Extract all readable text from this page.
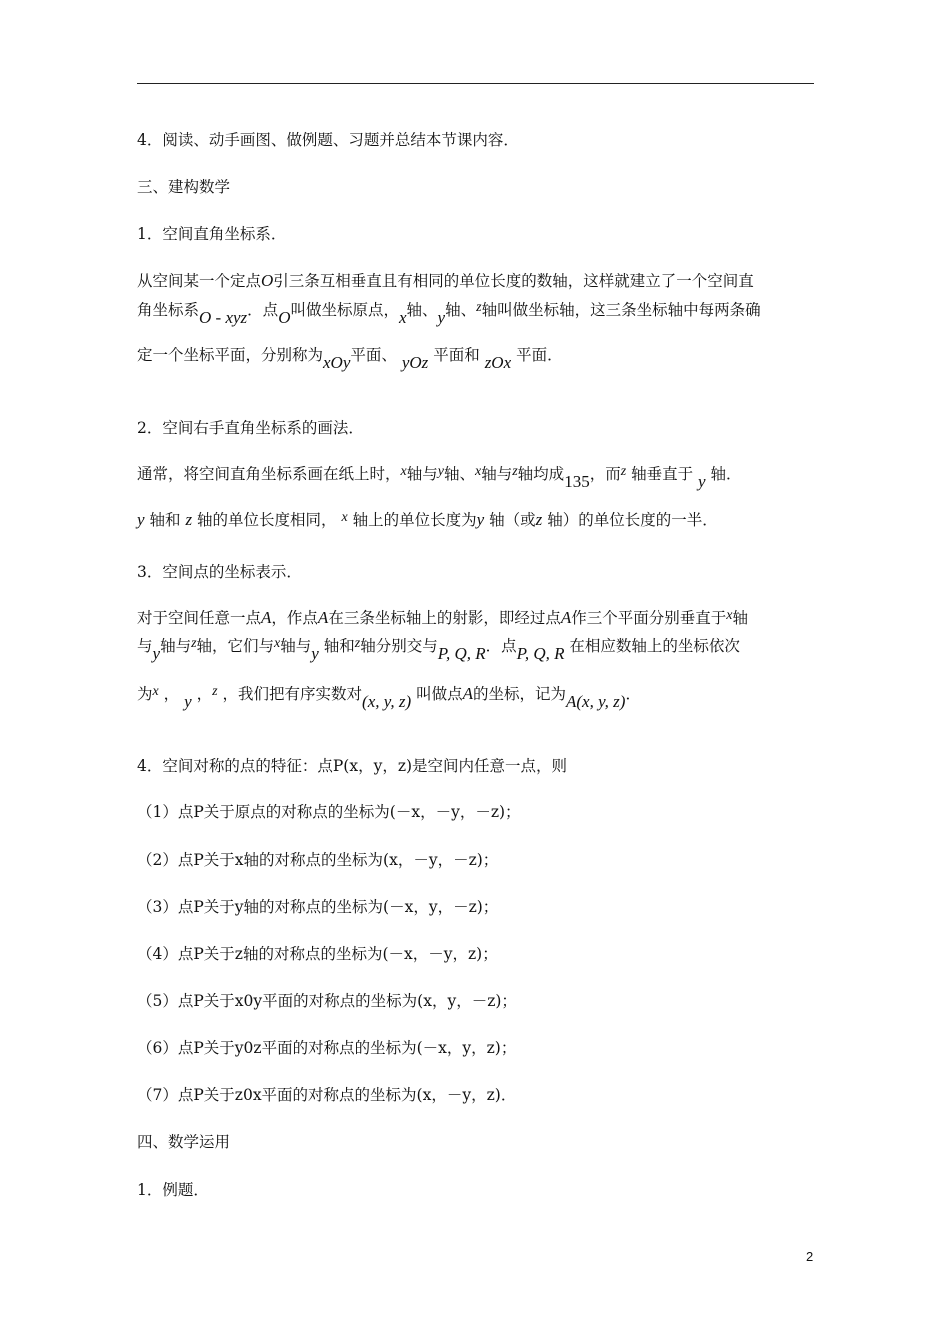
4．阅读、动手画图、做例题、习题并总结本节课内容．
三、建构数学
1．空间直角坐标系．
从空间某一个定点O引三条互相垂直且有相同的单位长度的数轴，这样就建立了一个空间直
角坐标系O - xyz．点O叫做坐标原点，x轴、y轴、z轴叫做坐标轴，这三条坐标轴中每两条确
定一个坐标平面，分别称为xOy平面、 yOz 平面和 zOx 平面．
2．空间右手直角坐标系的画法．
通常，将空间直角坐标系画在纸上时，x轴与y轴、x轴与z轴均成135，而z 轴垂直于 y 轴．
y 轴和 z 轴的单位长度相同， x 轴上的单位长度为y 轴（或z 轴）的单位长度的一半．
3．空间点的坐标表示．
对于空间任意一点A，作点A在三条坐标轴上的射影，即经过点A作三个平面分别垂直于x轴
与y轴与z轴，它们与x轴与y 轴和z轴分别交与P, Q, R．点P, Q, R 在相应数轴上的坐标依次
为x ， y ，z ，我们把有序实数对(x, y, z) 叫做点A的坐标，记为A(x, y, z)．
4．空间对称的点的特征：点P(x，y，z)是空间内任意一点，则
（1）点P关于原点的对称点的坐标为(－x，－y，－z)；
（2）点P关于x轴的对称点的坐标为(x，－y，－z)；
（3）点P关于y轴的对称点的坐标为(－x，y，－z)；
（4）点P关于z轴的对称点的坐标为(－x，－y，z)；
（5）点P关于x0y平面的对称点的坐标为(x，y，－z)；
（6）点P关于y0z平面的对称点的坐标为(－x，y，z)；
（7）点P关于z0x平面的对称点的坐标为(x，－y，z)．
四、数学运用
1．例题．
2
